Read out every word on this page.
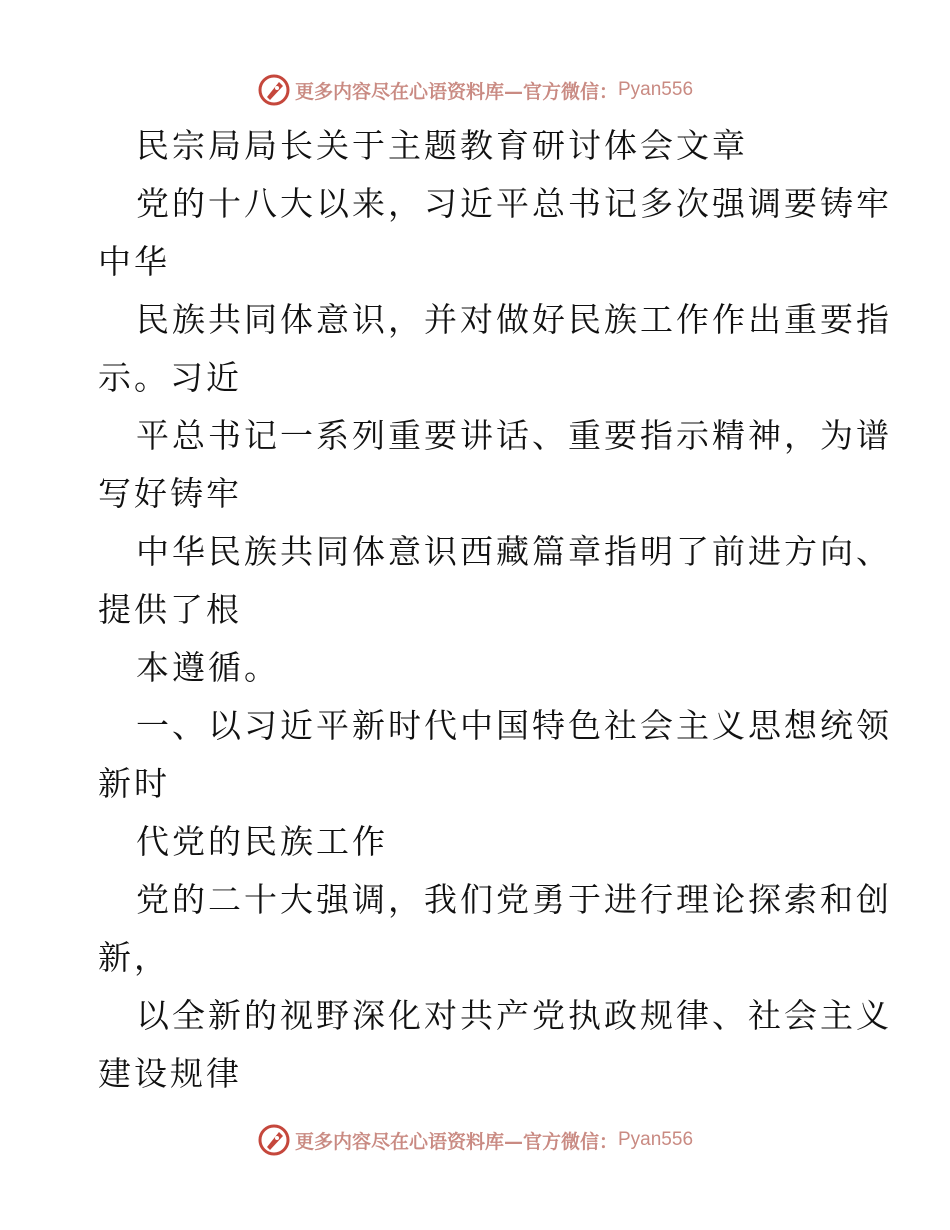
更多内容尽在心语资料库—官方微信： Pyan556
民宗局局长关于主题教育研讨体会文章
党的十八大以来，习近平总书记多次强调要铸牢
中华
民族共同体意识，并对做好民族工作作出重要指
示。习近
平总书记一系列重要讲话、重要指示精神，为谱
写好铸牢
中华民族共同体意识西藏篇章指明了前进方向、
提供了根
本遵循。
一、以习近平新时代中国特色社会主义思想统领
新时
代党的民族工作
党的二十大强调，我们党勇于进行理论探索和创
新，
以全新的视野深化对共产党执政规律、社会主义
建设规律
更多内容尽在心语资料库—官方微信： Pyan556
